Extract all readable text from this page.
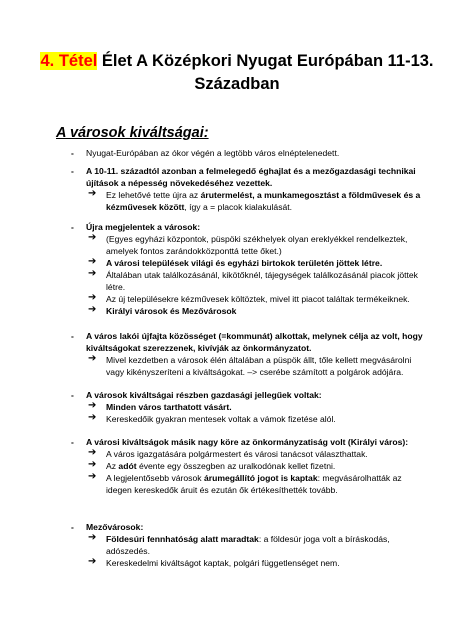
4. Tétel Élet A Középkori Nyugat Európában 11-13.
Században
A városok kiváltságai:
- Nyugat-Európában az ókor végén a legtöbb város elnéptelenedett.
- A 10-11. századtól azonban a felmelegedő éghajlat és a mezőgazdasági technikai újítások a népesség növekedéséhez vezettek.
➔ Ez lehetővé tette újra az árutermelést, a munkamegosztást a földművesek és a kézművesek között, így a = placok kialakulását.
- Újra megjelentek a városok:
➔ (Egyes egyházi központok, püspöki székhelyek olyan ereklyékkel rendelkeztek, amelyek fontos zarándokközponttá tette őket.)
➔ A városi települések világi és egyházi birtokok területén jöttek létre.
➔ Általában utak találkozásánál, kikötőknél, tájegységek találkozásánál piacok jöttek létre.
➔ Az új településekre kézművesek költöztek, mivel itt piacot találtak termékeiknek.
➔ Királyi városok és Mezővárosok
- A város lakói újfajta közösséget (=kommunát) alkottak, melynek célja az volt, hogy kiváltságokat szerezzenek, kivívják az önkormányzatot.
➔ Mivel kezdetben a városok élén általában a püspök állt, tőle kellett megvásárolni vagy kikényszeríteni a kiváltságokat. –> cserébe számított a polgárok adójára.
- A városok kiváltságai részben gazdasági jellegűek voltak:
➔ Minden város tarthatott vásárt.
➔ Kereskedőik gyakran mentesek voltak a vámok fizetése alól.
- A városi kiváltságok másik nagy köre az önkormányzatiság volt (Királyi város):
➔ A város igazgatására polgármestert és városi tanácsot választhattak.
➔ Az adót évente egy összegben az uralkodónak kellet fizetni.
➔ A legjelentősebb városok árumegállító jogot is kaptak: megvásárolhatták az idegen kereskedők áruit és ezután ők értékesíthették tovább.
- Mezővárosok:
➔ Földesúri fennhatóság alatt maradtak: a földesúr joga volt a bíráskodás, adószedés.
➔ Kereskedelmi kiváltságot kaptak, polgári függetlenséget nem.
